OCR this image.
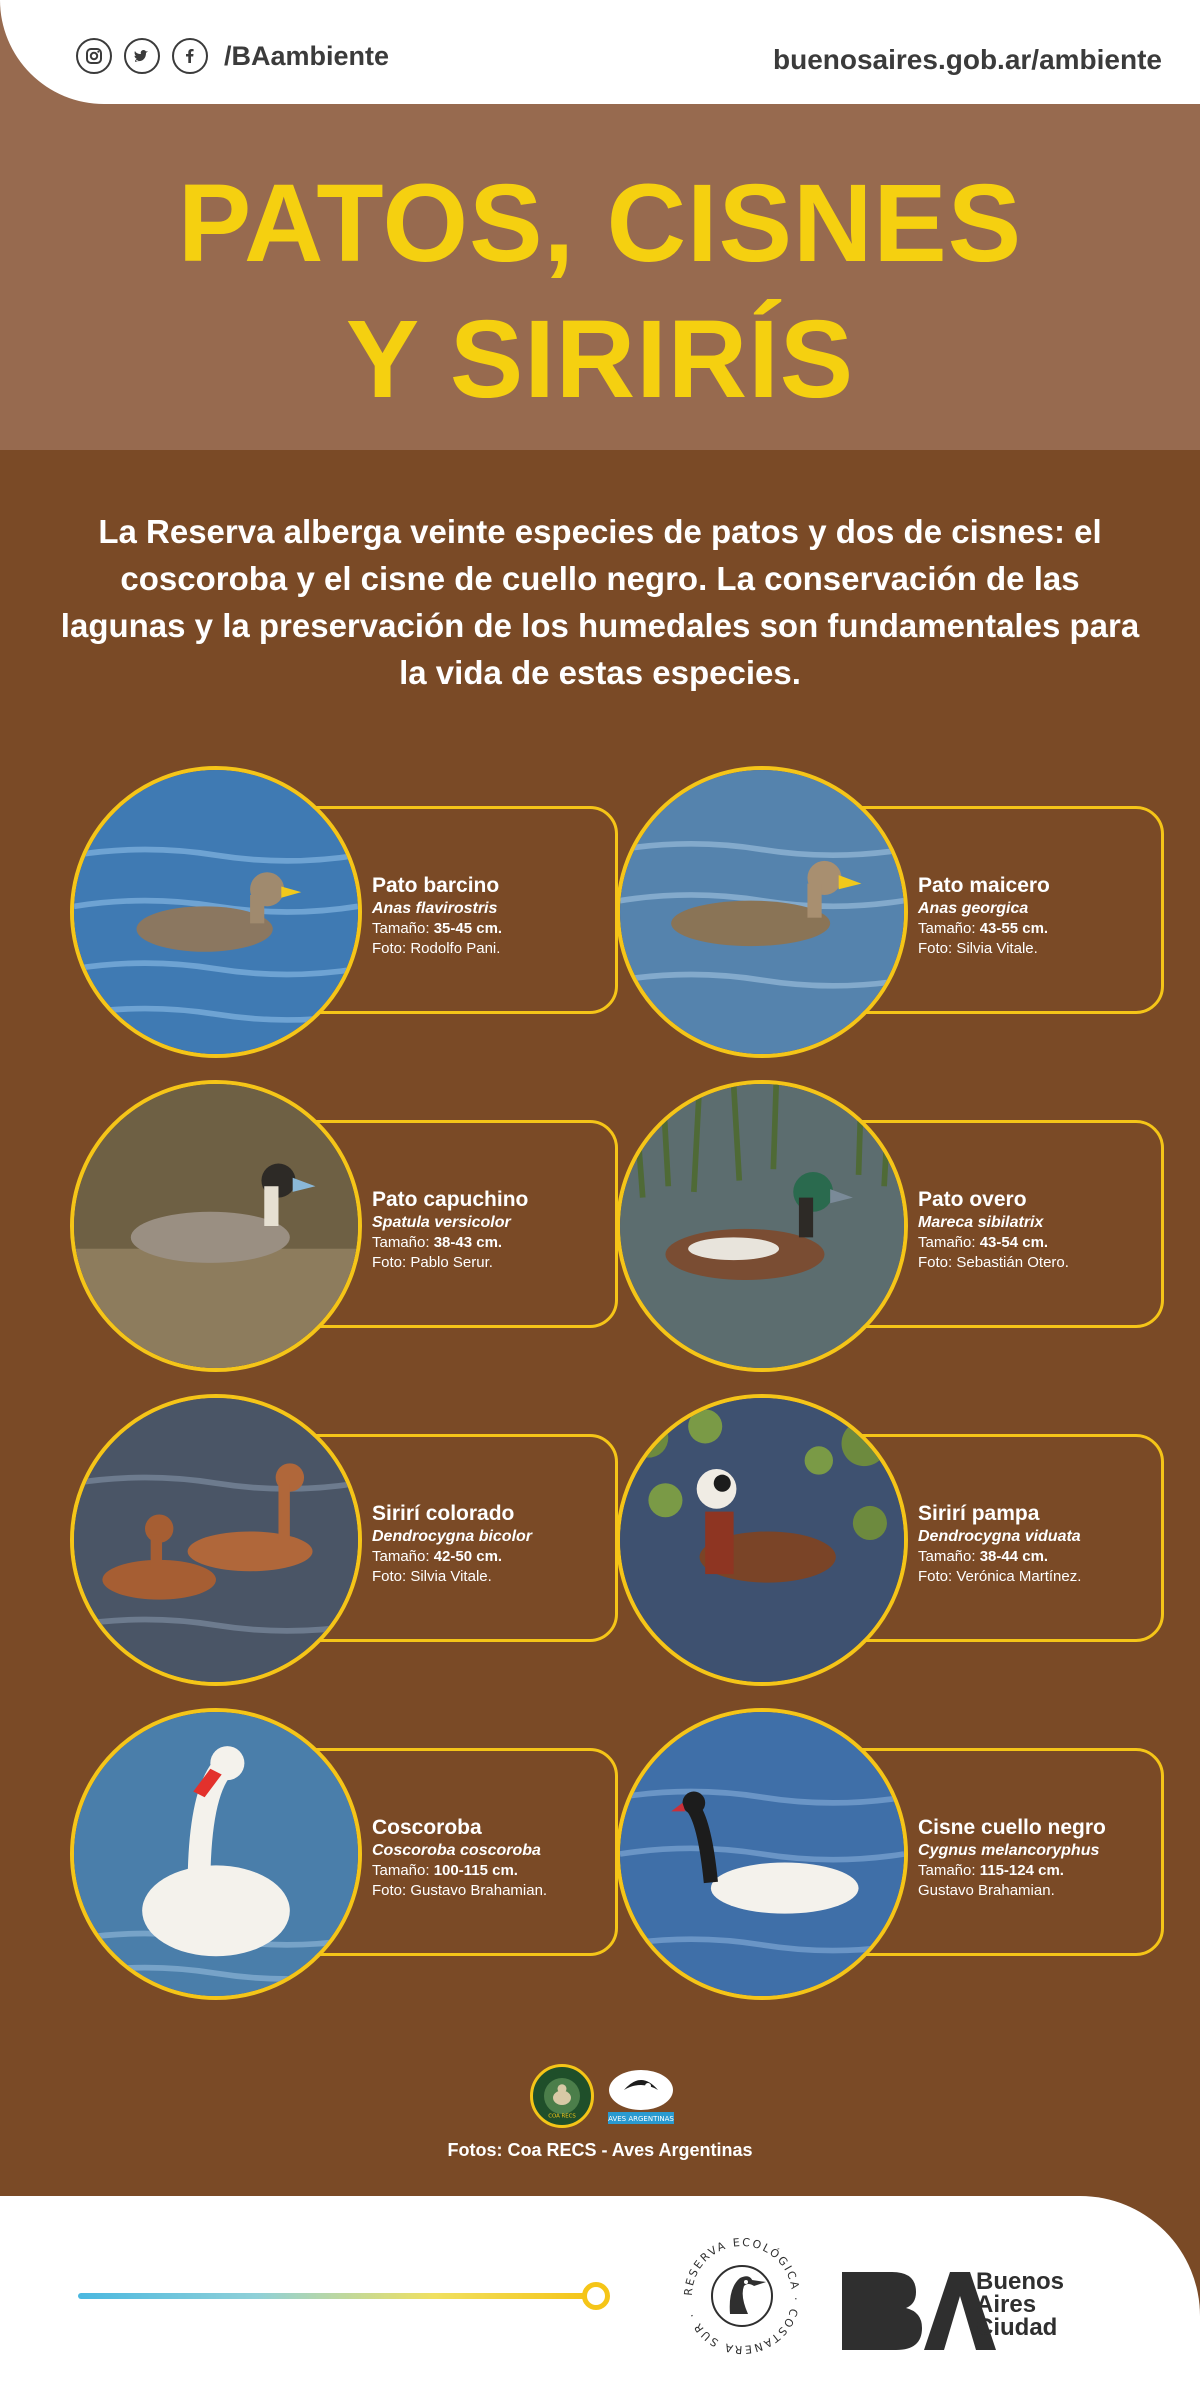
/BAambiente	buenosaires.gob.ar/ambiente
PATOS, CISNES
Y SIRIRÍS

La Reserva alberga veinte especies de patos y dos de cisnes: el coscoroba y el cisne de cuello negro. La conservación de las lagunas y la preservación de los humedales son fundamentales para la vida de estas especies.

Pato barcino
Anas flavirostris
Tamaño: 35-45 cm.
Foto: Rodolfo Pani.
Pato maicero
Anas georgica
Tamaño: 43-55 cm.
Foto: Silvia Vitale.
Pato capuchino
Spatula versicolor
Tamaño: 38-43 cm.
Foto: Pablo Serur.
Pato overo
Mareca sibilatrix
Tamaño: 43-54 cm.
Foto: Sebastián Otero.
Sirirí colorado
Dendrocygna bicolor
Tamaño: 42-50 cm.
Foto: Silvia Vitale.
Sirirí pampa
Dendrocygna viduata
Tamaño: 38-44 cm.
Foto: Verónica Martínez.
Coscoroba
Coscoroba coscoroba
Tamaño: 100-115 cm.
Foto: Gustavo Brahamian.
Cisne cuello negro
Cygnus melancoryphus
Tamaño: 115-124 cm.
Gustavo Brahamian.
COA RECS	AVES ARGENTINAS
Fotos: Coa RECS - Aves Argentinas
RESERVA ECOLÓGICA · COSTANERA SUR ·
Buenos
Aires
Ciudad
